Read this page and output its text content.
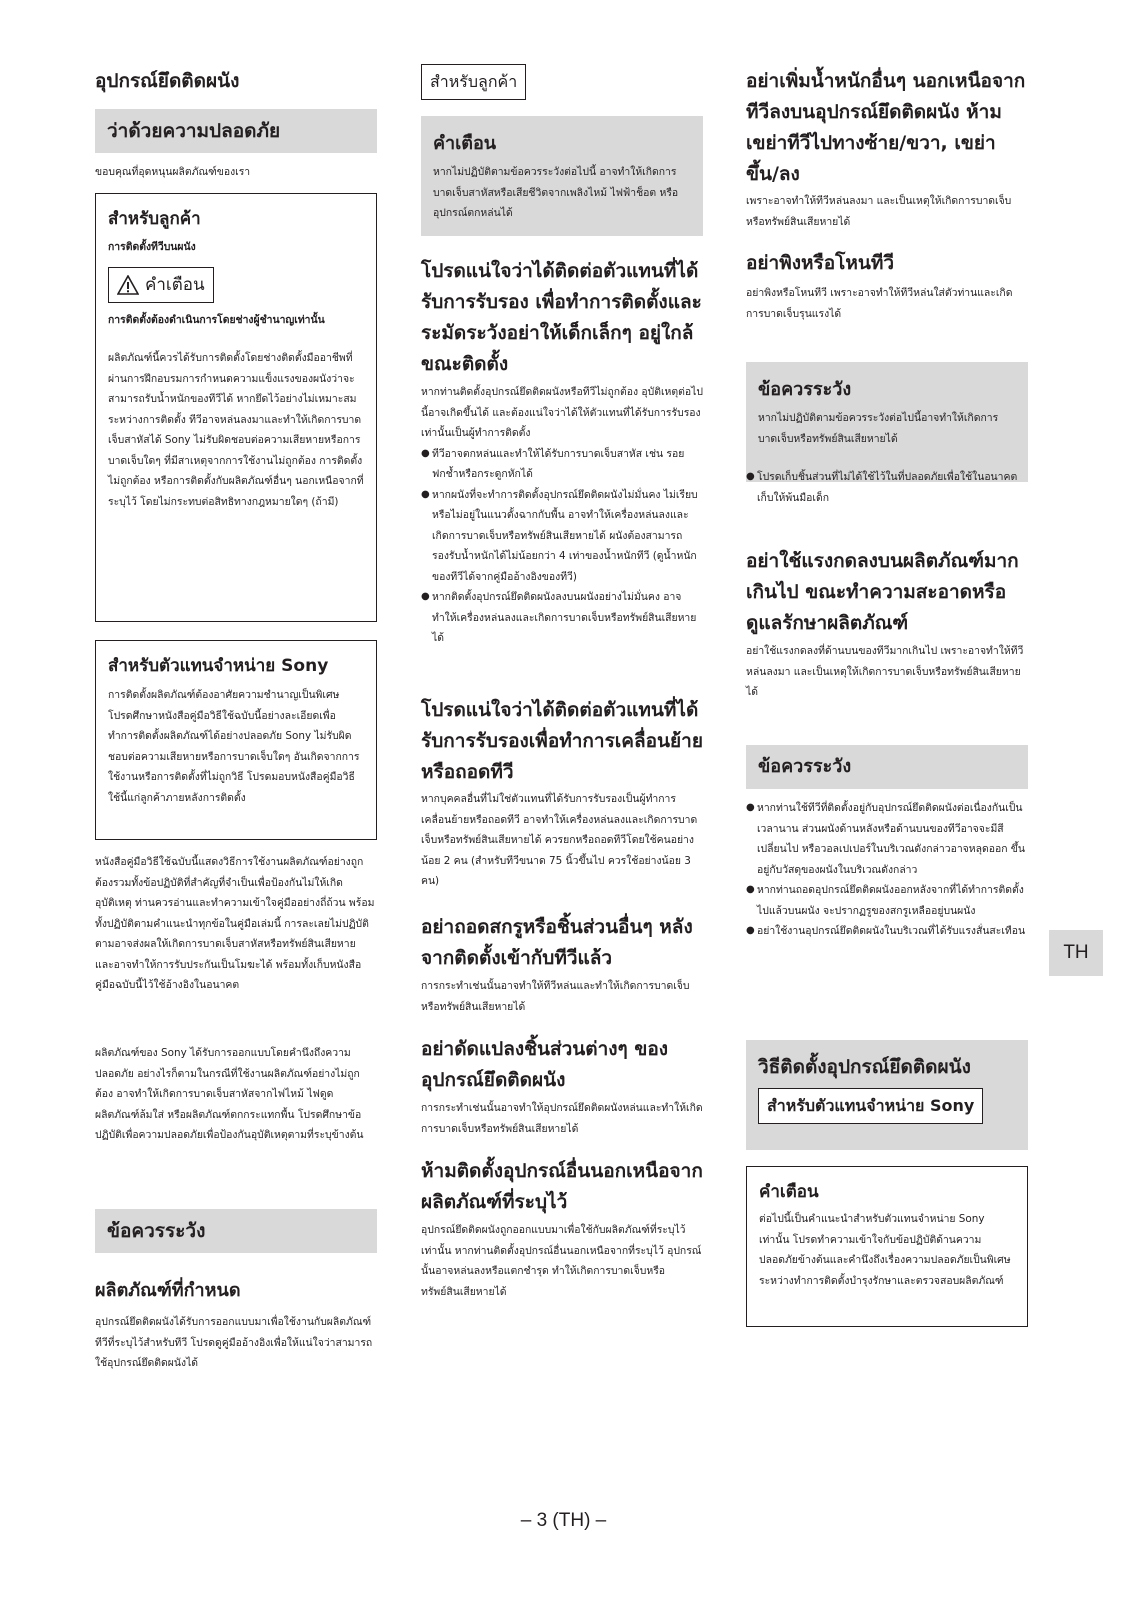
อุปกรณ์ยึดติดผนัง
ว่าด้วยความปลอดภัย

ขอบคุณที่อุดหนุนผลิตภัณฑ์ของเรา

สำหรับลูกค้า

การติดตั้งทีวีบนผนัง

คำเตือน

การติดตั้งต้องดำเนินการโดยช่างผู้ชำนาญเท่านั้น

ผลิตภัณฑ์นี้ควรได้รับการติดตั้งโดยช่างติดตั้งมืออาชีพที่ผ่านการฝึกอบรมการกำหนดความแข็งแรงของผนังว่าจะสามารถรับน้ำหนักของทีวีได้ หากยึดไว้อย่างไม่เหมาะสมระหว่างการติดตั้ง ทีวีอาจหล่นลงมาและทำให้เกิดการบาดเจ็บสาหัสได้ Sony ไม่รับผิดชอบต่อความเสียหายหรือการบาดเจ็บใดๆ ที่มีสาเหตุจากการใช้งานไม่ถูกต้อง การติดตั้งไม่ถูกต้อง หรือการติดตั้งกับผลิตภัณฑ์อื่นๆ นอกเหนือจากที่ระบุไว้ โดยไม่กระทบต่อสิทธิทางกฎหมายใดๆ (ถ้ามี)

สำหรับตัวแทนจำหน่าย Sony

การติดตั้งผลิตภัณฑ์ต้องอาศัยความชำนาญเป็นพิเศษ โปรดศึกษาหนังสือคู่มือวิธีใช้ฉบับนี้อย่างละเอียดเพื่อทำการติดตั้งผลิตภัณฑ์ได้อย่างปลอดภัย Sony ไม่รับผิดชอบต่อความเสียหายหรือการบาดเจ็บใดๆ อันเกิดจากการใช้งานหรือการติดตั้งที่ไม่ถูกวิธี โปรดมอบหนังสือคู่มือวิธีใช้นี้แก่ลูกค้าภายหลังการติดตั้ง

หนังสือคู่มือวิธีใช้ฉบับนี้แสดงวิธีการใช้งานผลิตภัณฑ์อย่างถูกต้องรวมทั้งข้อปฏิบัติที่สำคัญที่จำเป็นเพื่อป้องกันไม่ให้เกิดอุบัติเหตุ ท่านควรอ่านและทำความเข้าใจคู่มืออย่างถี่ถ้วน พร้อมทั้งปฏิบัติตามคำแนะนำทุกข้อในคู่มือเล่มนี้ การละเลยไม่ปฏิบัติตามอาจส่งผลให้เกิดการบาดเจ็บสาหัสหรือทรัพย์สินเสียหาย และอาจทำให้การรับประกันเป็นโมฆะได้ พร้อมทั้งเก็บหนังสือคู่มือฉบับนี้ไว้ใช้อ้างอิงในอนาคต

ผลิตภัณฑ์ของ Sony ได้รับการออกแบบโดยคำนึงถึงความปลอดภัย อย่างไรก็ตามในกรณีที่ใช้งานผลิตภัณฑ์อย่างไม่ถูกต้อง อาจทำให้เกิดการบาดเจ็บสาหัสจากไฟไหม้ ไฟดูด ผลิตภัณฑ์ล้มใส่ หรือผลิตภัณฑ์ตกกระแทกพื้น โปรดศึกษาข้อปฏิบัติเพื่อความปลอดภัยเพื่อป้องกันอุบัติเหตุตามที่ระบุข้างต้น

ข้อควรระวัง
ผลิตภัณฑ์ที่กำหนด

อุปกรณ์ยึดติดผนังได้รับการออกแบบมาเพื่อใช้งานกับผลิตภัณฑ์ทีวีที่ระบุไว้สำหรับทีวี โปรดดูคู่มืออ้างอิงเพื่อให้แน่ใจว่าสามารถใช้อุปกรณ์ยึดติดผนังได้

สำหรับลูกค้า
คำเตือน

หากไม่ปฏิบัติตามข้อควรระวังต่อไปนี้ อาจทำให้เกิดการบาดเจ็บสาหัสหรือเสียชีวิตจากเพลิงไหม้ ไฟฟ้าช็อต หรืออุปกรณ์ตกหล่นได้

โปรดแน่ใจว่าได้ติดต่อตัวแทนที่ได้รับการรับรอง เพื่อทำการติดตั้งและระมัดระวังอย่าให้เด็กเล็กๆ อยู่ใกล้ขณะติดตั้ง

หากท่านติดตั้งอุปกรณ์ยึดติดผนังหรือทีวีไม่ถูกต้อง อุบัติเหตุต่อไปนี้อาจเกิดขึ้นได้ และต้องแน่ใจว่าได้ให้ตัวแทนที่ได้รับการรับรองเท่านั้นเป็นผู้ทำการติดตั้ง

● ทีวีอาจตกหล่นและทำให้ได้รับการบาดเจ็บสาหัส เช่น รอยฟกช้ำหรือกระดูกหักได้
● หากผนังที่จะทำการติดตั้งอุปกรณ์ยึดติดผนังไม่มั่นคง ไม่เรียบหรือไม่อยู่ในแนวตั้งฉากกับพื้น อาจทำให้เครื่องหล่นลงและเกิดการบาดเจ็บหรือทรัพย์สินเสียหายได้ ผนังต้องสามารถรองรับน้ำหนักได้ไม่น้อยกว่า 4 เท่าของน้ำหนักทีวี (ดูน้ำหนักของทีวีได้จากคู่มืออ้างอิงของทีวี)
● หากติดตั้งอุปกรณ์ยึดติดผนังลงบนผนังอย่างไม่มั่นคง อาจทำให้เครื่องหล่นลงและเกิดการบาดเจ็บหรือทรัพย์สินเสียหายได้
โปรดแน่ใจว่าได้ติดต่อตัวแทนที่ได้รับการรับรองเพื่อทำการเคลื่อนย้ายหรือถอดทีวี

หากบุคคลอื่นที่ไม่ใช่ตัวแทนที่ได้รับการรับรองเป็นผู้ทำการเคลื่อนย้ายหรือถอดทีวี อาจทำให้เครื่องหล่นลงและเกิดการบาดเจ็บหรือทรัพย์สินเสียหายได้ ควรยกหรือถอดทีวีโดยใช้คนอย่างน้อย 2 คน (สำหรับทีวีขนาด 75 นิ้วขึ้นไป ควรใช้อย่างน้อย 3 คน)

อย่าถอดสกรูหรือชิ้นส่วนอื่นๆ หลังจากติดตั้งเข้ากับทีวีแล้ว

การกระทำเช่นนั้นอาจทำให้ทีวีหล่นและทำให้เกิดการบาดเจ็บหรือทรัพย์สินเสียหายได้

อย่าดัดแปลงชิ้นส่วนต่างๆ ของอุปกรณ์ยึดติดผนัง

การกระทำเช่นนั้นอาจทำให้อุปกรณ์ยึดติดผนังหล่นและทำให้เกิดการบาดเจ็บหรือทรัพย์สินเสียหายได้

ห้ามติดตั้งอุปกรณ์อื่นนอกเหนือจากผลิตภัณฑ์ที่ระบุไว้

อุปกรณ์ยึดติดผนังถูกออกแบบมาเพื่อใช้กับผลิตภัณฑ์ที่ระบุไว้เท่านั้น หากท่านติดตั้งอุปกรณ์อื่นนอกเหนือจากที่ระบุไว้ อุปกรณ์นั้นอาจหล่นลงหรือแตกชำรุด ทำให้เกิดการบาดเจ็บหรือทรัพย์สินเสียหายได้

อย่าเพิ่มน้ำหนักอื่นๆ นอกเหนือจากทีวีลงบนอุปกรณ์ยึดติดผนัง ห้ามเขย่าทีวีไปทางซ้าย/ขวา, เขย่าขึ้น/ลง

เพราะอาจทำให้ทีวีหล่นลงมา และเป็นเหตุให้เกิดการบาดเจ็บหรือทรัพย์สินเสียหายได้

อย่าพิงหรือโหนทีวี

อย่าพิงหรือโหนทีวี เพราะอาจทำให้ทีวีหล่นใส่ตัวท่านและเกิดการบาดเจ็บรุนแรงได้

ข้อควรระวัง

หากไม่ปฏิบัติตามข้อควรระวังต่อไปนี้อาจทำให้เกิดการบาดเจ็บหรือทรัพย์สินเสียหายได้

● โปรดเก็บชิ้นส่วนที่ไม่ได้ใช้ไว้ในที่ปลอดภัยเพื่อใช้ในอนาคต

เก็บให้พ้นมือเด็ก

อย่าใช้แรงกดลงบนผลิตภัณฑ์มากเกินไป ขณะทำความสะอาดหรือดูแลรักษาผลิตภัณฑ์

อย่าใช้แรงกดลงที่ด้านบนของทีวีมากเกินไป เพราะอาจทำให้ทีวีหล่นลงมา และเป็นเหตุให้เกิดการบาดเจ็บหรือทรัพย์สินเสียหายได้

ข้อควรระวัง
● หากท่านใช้ทีวีที่ติดตั้งอยู่กับอุปกรณ์ยึดติดผนังต่อเนื่องกันเป็นเวลานาน ส่วนผนังด้านหลังหรือด้านบนของทีวีอาจจะมีสีเปลี่ยนไป หรือวอลเปเปอร์ในบริเวณดังกล่าวอาจหลุดออก ขึ้นอยู่กับวัสดุของผนังในบริเวณดังกล่าว
● หากท่านถอดอุปกรณ์ยึดติดผนังออกหลังจากที่ได้ทำการติดตั้งไปแล้วบนผนัง จะปรากฏรูของสกรูเหลืออยู่บนผนัง
● อย่าใช้งานอุปกรณ์ยึดติดผนังในบริเวณที่ได้รับแรงสั่นสะเทือน
วิธีติดตั้งอุปกรณ์ยึดติดผนัง
สำหรับตัวแทนจำหน่าย Sony
คำเตือน

ต่อไปนี้เป็นคำแนะนำสำหรับตัวแทนจำหน่าย Sony เท่านั้น โปรดทำความเข้าใจกับข้อปฏิบัติด้านความปลอดภัยข้างต้นและคำนึงถึงเรื่องความปลอดภัยเป็นพิเศษระหว่างทำการติดตั้งบำรุงรักษาและตรวจสอบผลิตภัณฑ์

TH
– 3 (TH) –
